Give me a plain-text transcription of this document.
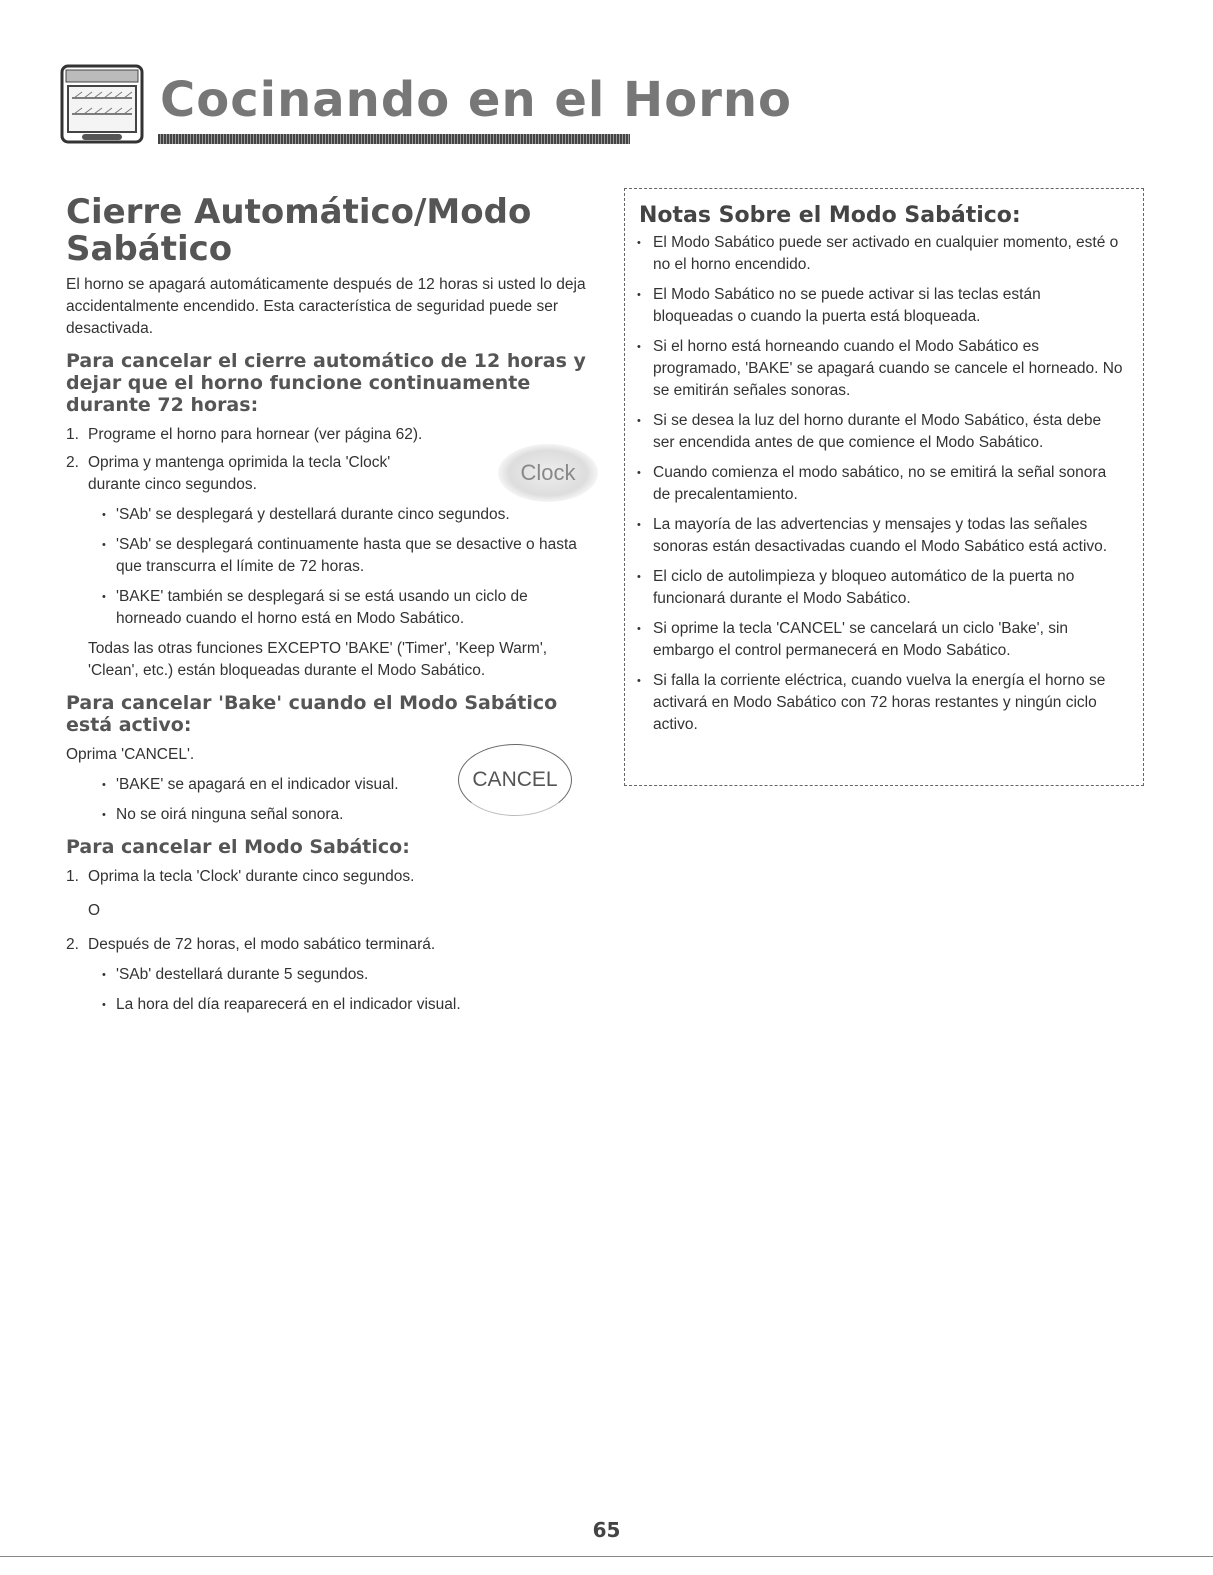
Cocinando en el Horno
Cierre Automático/Modo Sabático

El horno se apagará automáticamente después de 12 horas si usted lo deja accidentalmente encendido. Esta característica de seguridad puede ser desactivada.

Para cancelar el cierre automático de 12 horas y dejar que el horno funcione continuamente durante 72 horas:
1. Programe el horno para hornear (ver página 62).
2. Oprima y mantenga oprimida la tecla 'Clock' durante cinco segundos.
• 'SAb' se desplegará y destellará durante cinco segundos.
• 'SAb' se desplegará continuamente hasta que se desactive o hasta que transcurra el límite de 72 horas.
• 'BAKE' también se desplegará si se está usando un ciclo de horneado cuando el horno está en Modo Sabático.

Todas las otras funciones EXCEPTO 'BAKE' ('Timer', 'Keep Warm', 'Clean', etc.) están bloqueadas durante el Modo Sabático.

Para cancelar 'Bake' cuando el Modo Sabático está activo:

Oprima 'CANCEL'.

• 'BAKE' se apagará en el indicador visual.
• No se oirá ninguna señal sonora.
Para cancelar el Modo Sabático:
1. Oprima la tecla 'Clock' durante cinco segundos.

O

2. Después de 72 horas, el modo sabático terminará.
• 'SAb' destellará durante 5 segundos.
• La hora del día reaparecerá en el indicador visual.
Clock
CANCEL
Notas Sobre el Modo Sabático:
• El Modo Sabático puede ser activado en cualquier momento, esté o no el horno encendido.
• El Modo Sabático no se puede activar si las teclas están bloqueadas o cuando la puerta está bloqueada.
• Si el horno está horneando cuando el Modo Sabático es programado, 'BAKE' se apagará cuando se cancele el horneado. No se emitirán señales sonoras.
• Si se desea la luz del horno durante el Modo Sabático, ésta debe ser encendida antes de que comience el Modo Sabático.
• Cuando comienza el modo sabático, no se emitirá la señal sonora de precalentamiento.
• La mayoría de las advertencias y mensajes y todas las señales sonoras están desactivadas cuando el Modo Sabático está activo.
• El ciclo de autolimpieza y bloqueo automático de la puerta no funcionará durante el Modo Sabático.
• Si oprime la tecla 'CANCEL' se cancelará un ciclo 'Bake', sin embargo el control permanecerá en Modo Sabático.
• Si falla la corriente eléctrica, cuando vuelva la energía el horno se activará en Modo Sabático con 72 horas restantes y ningún ciclo activo.
65
